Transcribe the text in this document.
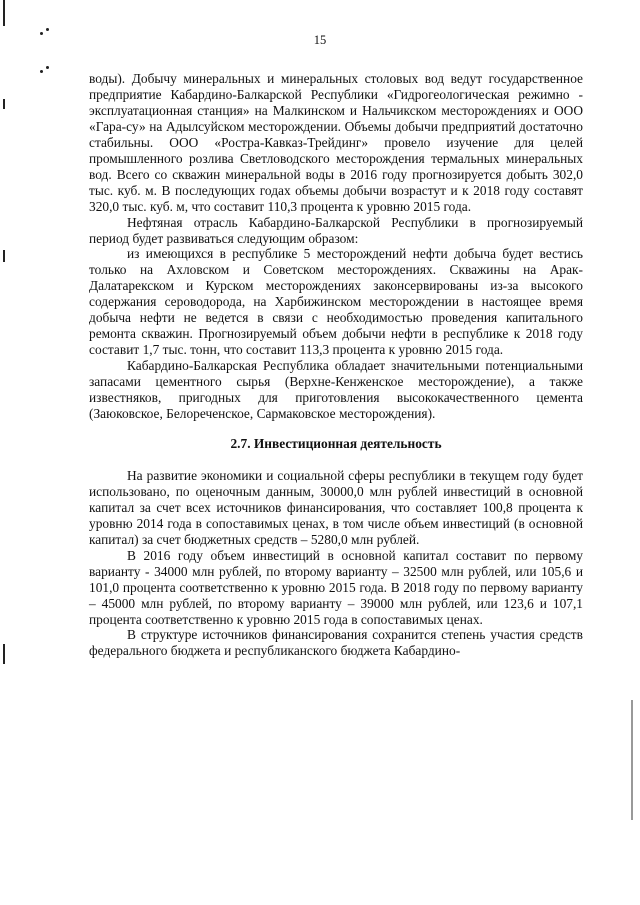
15

воды). Добычу минеральных и минеральных столовых вод ведут государственное предприятие Кабардино-Балкарской Республики «Гидрогеологическая режимно - эксплуатационная станция» на Малкинском и Нальчикском месторождениях и ООО «Гара-су» на Адылсуйском месторождении. Объемы добычи предприятий достаточно стабильны. ООО «Ростра-Кавказ-Трейдинг» провело изучение для целей промышленного розлива Светловодского месторождения термальных минеральных вод. Всего со скважин минеральной воды в 2016 году прогнозируется добыть 302,0 тыс. куб. м. В последующих годах объемы добычи возрастут и к 2018 году составят 320,0 тыс. куб. м, что составит 110,3 процента к уровню 2015 года.

Нефтяная отрасль Кабардино-Балкарской Республики в прогнозируемый период будет развиваться следующим образом:

из имеющихся в республике 5 месторождений нефти добыча будет вестись только на Ахловском и Советском месторождениях. Скважины на Арак-Далатарекском и Курском месторождениях законсервированы из-за высокого содержания сероводорода, на Харбижинском месторождении в настоящее время добыча нефти не ведется в связи с необходимостью проведения капитального ремонта скважин. Прогнозируемый объем добычи нефти в республике к 2018 году составит 1,7 тыс. тонн, что составит 113,3 процента к уровню 2015 года.

Кабардино-Балкарская Республика обладает значительными потенциальными запасами цементного сырья (Верхне-Кенженское месторождение), а также известняков, пригодных для приготовления высококачественного цемента (Заюковское, Белореченское, Сармаковское месторождения).

2.7. Инвестиционная деятельность

На развитие экономики и социальной сферы республики в текущем году будет использовано, по оценочным данным, 30000,0 млн рублей инвестиций в основной капитал за счет всех источников финансирования, что составляет 100,8 процента к уровню 2014 года в сопоставимых ценах, в том числе объем инвестиций (в основной капитал) за счет бюджетных средств – 5280,0 млн рублей.

В 2016 году объем инвестиций в основной капитал составит по первому варианту - 34000 млн рублей, по второму варианту – 32500 млн рублей, или 105,6 и 101,0 процента соответственно к уровню 2015 года. В 2018 году по первому варианту – 45000 млн рублей, по второму варианту – 39000 млн рублей, или 123,6 и 107,1 процента соответственно к уровню 2015 года в сопоставимых ценах.

В структуре источников финансирования сохранится степень участия средств федерального бюджета и республиканского бюджета Кабардино-
